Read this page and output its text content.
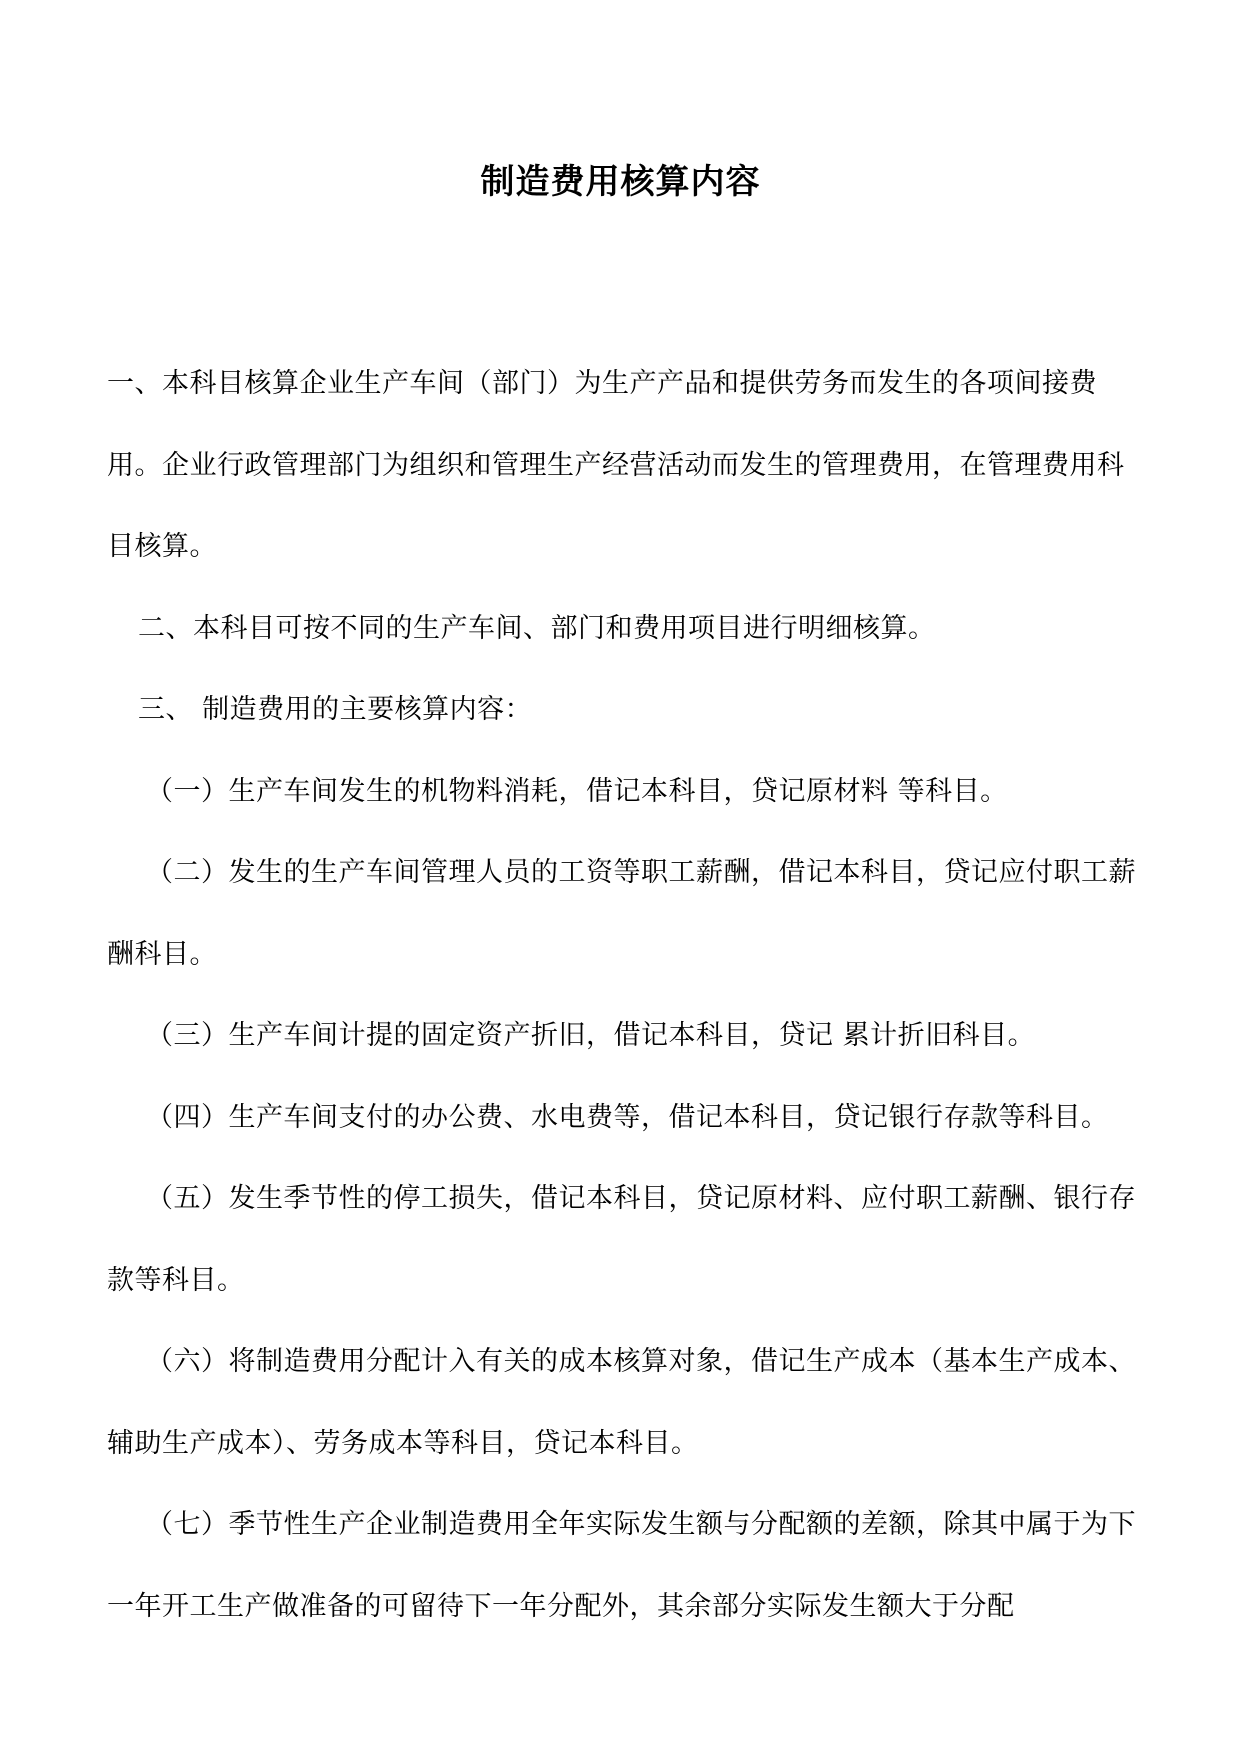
制造费用核算内容

一、本科目核算企业生产车间（部门）为生产产品和提供劳务而发生的各项间接费用。企业行政管理部门为组织和管理生产经营活动而发生的管理费用，在管理费用科目核算。

二、本科目可按不同的生产车间、部门和费用项目进行明细核算。

三、 制造费用的主要核算内容：

（一）生产车间发生的机物料消耗，借记本科目，贷记原材料 等科目。

（二）发生的生产车间管理人员的工资等职工薪酬，借记本科目，贷记应付职工薪酬科目。

（三）生产车间计提的固定资产折旧，借记本科目，贷记 累计折旧科目。

（四）生产车间支付的办公费、水电费等，借记本科目，贷记银行存款等科目。

（五）发生季节性的停工损失，借记本科目，贷记原材料、应付职工薪酬、银行存款等科目。

（六）将制造费用分配计入有关的成本核算对象，借记生产成本（基本生产成本、辅助生产成本）、劳务成本等科目，贷记本科目。

（七）季节性生产企业制造费用全年实际发生额与分配额的差额，除其中属于为下一年开工生产做准备的可留待下一年分配外，其余部分实际发生额大于分配
